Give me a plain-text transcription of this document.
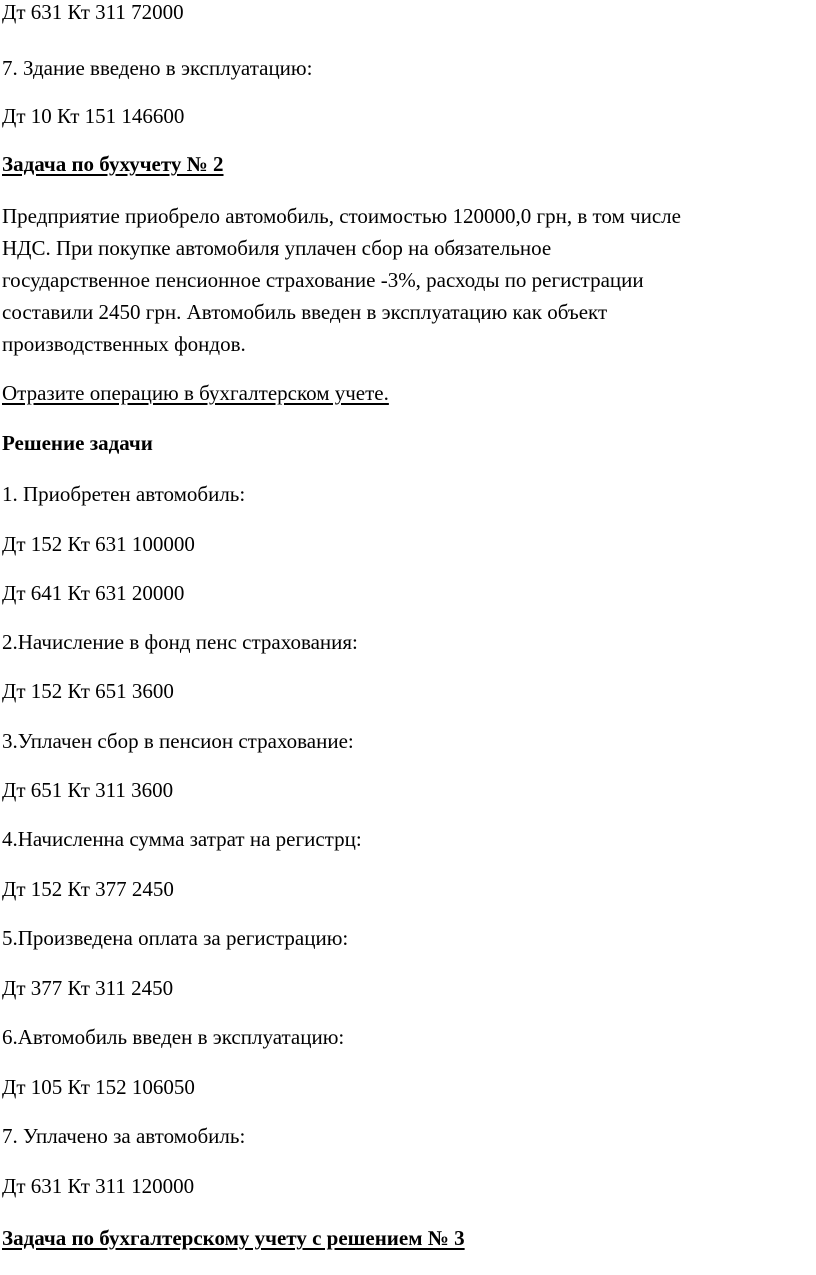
Дт 631 Кт 311 72000
7. Здание введено в эксплуатацию:
Дт 10 Кт 151 146600
Задача по бухучету № 2
Предприятие приобрело автомобиль, стоимостью 120000,0 грн, в том числе
НДС. При покупке автомобиля уплачен сбор на обязательное
государственное пенсионное страхование -3%, расходы по регистрации
составили 2450 грн. Автомобиль введен в эксплуатацию как объект
производственных фондов.
Отразите операцию в бухгалтерском учете.
Решение задачи
1. Приобретен автомобиль:
Дт 152 Кт 631 100000
Дт 641 Кт 631 20000
2.Начисление в фонд пенс страхования:
Дт 152 Кт 651 3600
3.Уплачен сбор в пенсион страхование:
Дт 651 Кт 311 3600
4.Начисленна сумма затрат на регистрц:
Дт 152 Кт 377 2450
5.Произведена оплата за регистрацию:
Дт 377 Кт 311 2450
6.Автомобиль введен в эксплуатацию:
Дт 105 Кт 152 106050
7. Уплачено за автомобиль:
Дт 631 Кт 311 120000
Задача по бухгалтерскому учету с решением № 3
